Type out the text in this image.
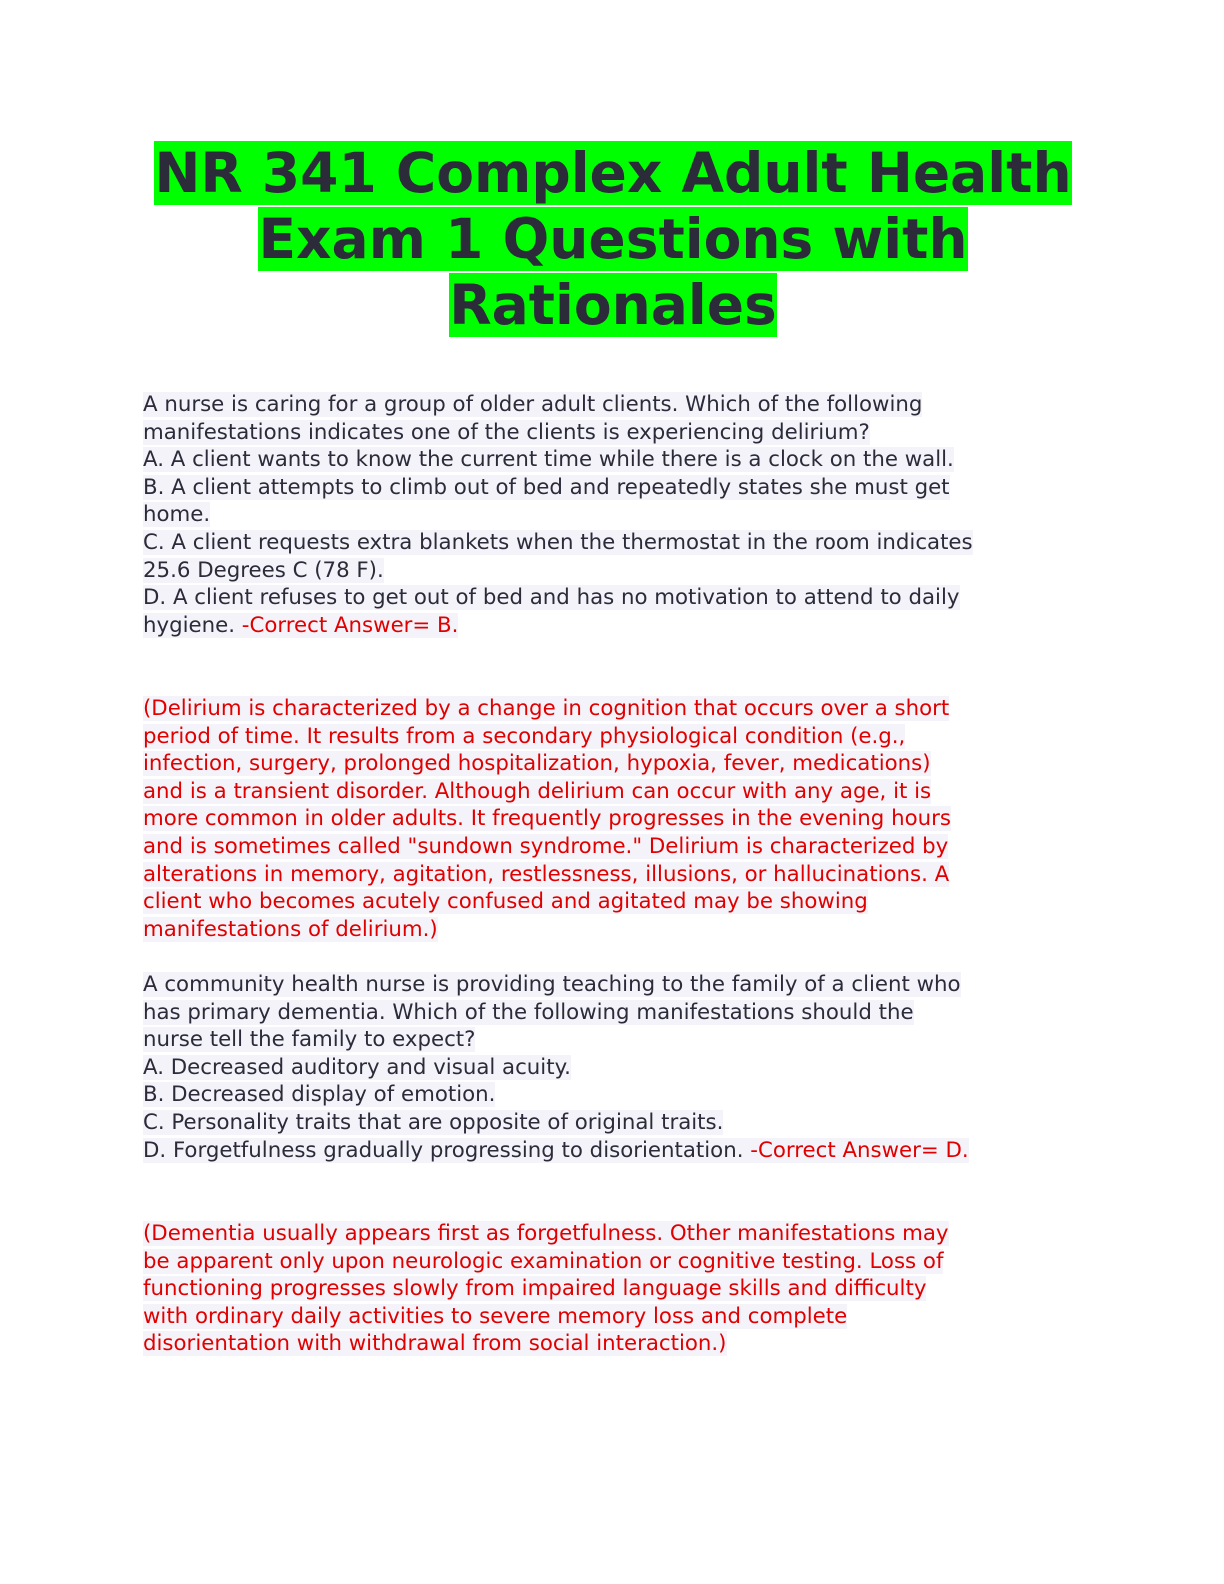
NR 341 Complex Adult Health
Exam 1 Questions with
Rationales
A nurse is caring for a group of older adult clients. Which of the following
manifestations indicates one of the clients is experiencing delirium?
A. A client wants to know the current time while there is a clock on the wall.
B. A client attempts to climb out of bed and repeatedly states she must get
home.
C. A client requests extra blankets when the thermostat in the room indicates
25.6 Degrees C (78 F).
D. A client refuses to get out of bed and has no motivation to attend to daily
hygiene. -Correct Answer= B.
(Delirium is characterized by a change in cognition that occurs over a short
period of time. It results from a secondary physiological condition (e.g.,
infection, surgery, prolonged hospitalization, hypoxia, fever, medications)
and is a transient disorder. Although delirium can occur with any age, it is
more common in older adults. It frequently progresses in the evening hours
and is sometimes called "sundown syndrome." Delirium is characterized by
alterations in memory, agitation, restlessness, illusions, or hallucinations. A
client who becomes acutely confused and agitated may be showing
manifestations of delirium.)
A community health nurse is providing teaching to the family of a client who
has primary dementia. Which of the following manifestations should the
nurse tell the family to expect?
A. Decreased auditory and visual acuity.
B. Decreased display of emotion.
C. Personality traits that are opposite of original traits.
D. Forgetfulness gradually progressing to disorientation. -Correct Answer= D.
(Dementia usually appears first as forgetfulness. Other manifestations may
be apparent only upon neurologic examination or cognitive testing. Loss of
functioning progresses slowly from impaired language skills and difficulty
with ordinary daily activities to severe memory loss and complete
disorientation with withdrawal from social interaction.)
